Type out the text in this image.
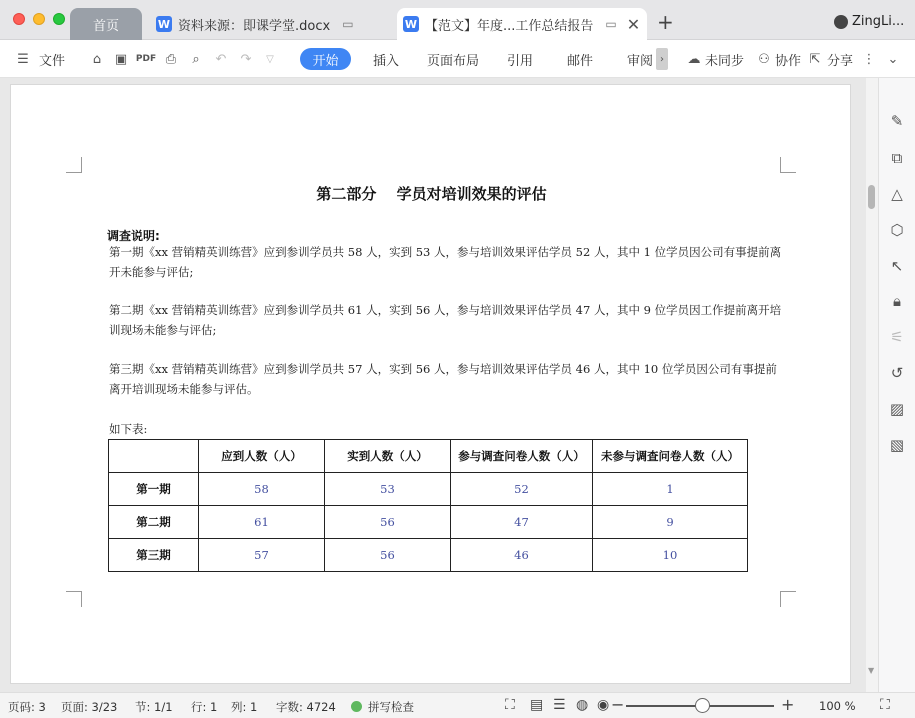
首页	W 资料来源：即课学堂.docx ▭	W 【范文】年度...工作总结报告 ▭ ✕ +	ZingLi...
☰ 文件	⌂	▣ PDF ⎙	⌕	↶ ↷	▽	开始	插入 页面布局 引用	邮件	审阅 ›	☁ 未同步 ⚇ 协作 ⇱ 分享 ⋮ ⌄
第二部分　 学员对培训效果的评估
调查说明:
第一期《xx 营销精英训练营》应到参训学员共 58 人，实到 53 人，参与培训效果评估学员 52 人，其中 1 位学员因公司有事提前离开未能参与评估;
第二期《xx 营销精英训练营》应到参训学员共 61 人，实到 56 人，参与培训效果评估学员 47 人，其中 9 位学员因工作提前离开培训现场未能参与评估;
第三期《xx 营销精英训练营》应到参训学员共 57 人，实到 56 人，参与培训效果评估学员 46 人，其中 10 位学员因公司有事提前离开培训现场未能参与评估。
如下表:
	应到人数（人）	实到人数（人）	参与调查问卷人数（人）	未参与调查问卷人数（人）
第一期	58	53	52	1
第二期	61	56	47	9
第三期	57	56	46	10
▼
✎
⧉
△
⬡
↖
🔒︎
⚟
↺
▨
▧
页码: 3 页面: 3/23 节: 1/1 行: 1 列: 1 字数: 4724	拼写检查	⛶ ▤ ☰ ◍ ◉ −	+ 100 % ⛶
